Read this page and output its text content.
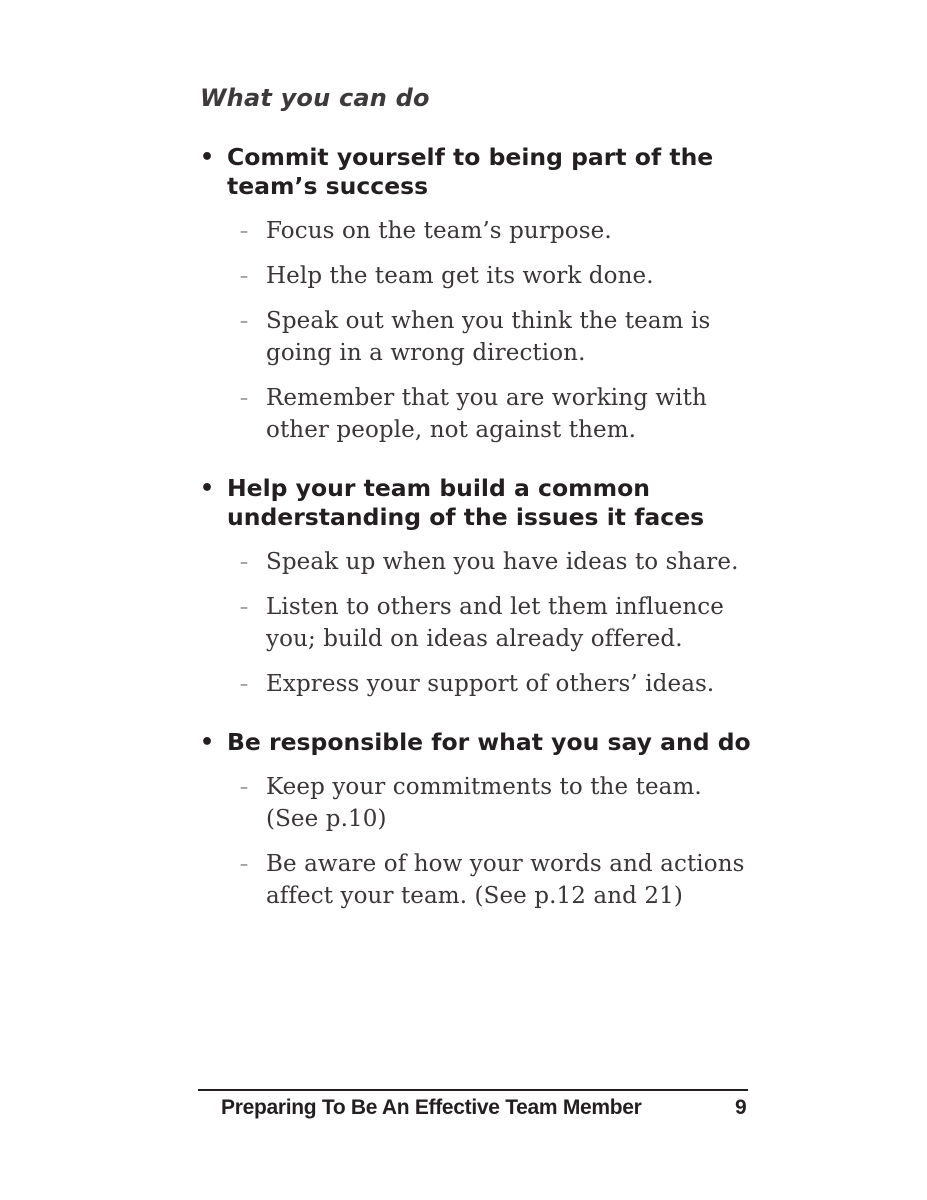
What you can do
• Commit yourself to being part of the
team’s success
– Focus on the team’s purpose.
– Help the team get its work done.
– Speak out when you think the team is
going in a wrong direction.
– Remember that you are working with
other people, not against them.
• Help your team build a common
understanding of the issues it faces
– Speak up when you have ideas to share.
– Listen to others and let them influence
you; build on ideas already offered.
– Express your support of others’ ideas.
• Be responsible for what you say and do
– Keep your commitments to the team.
(See p.10)
– Be aware of how your words and actions
affect your team. (See p.12 and 21)
Preparing To Be An Effective Team Member	9
